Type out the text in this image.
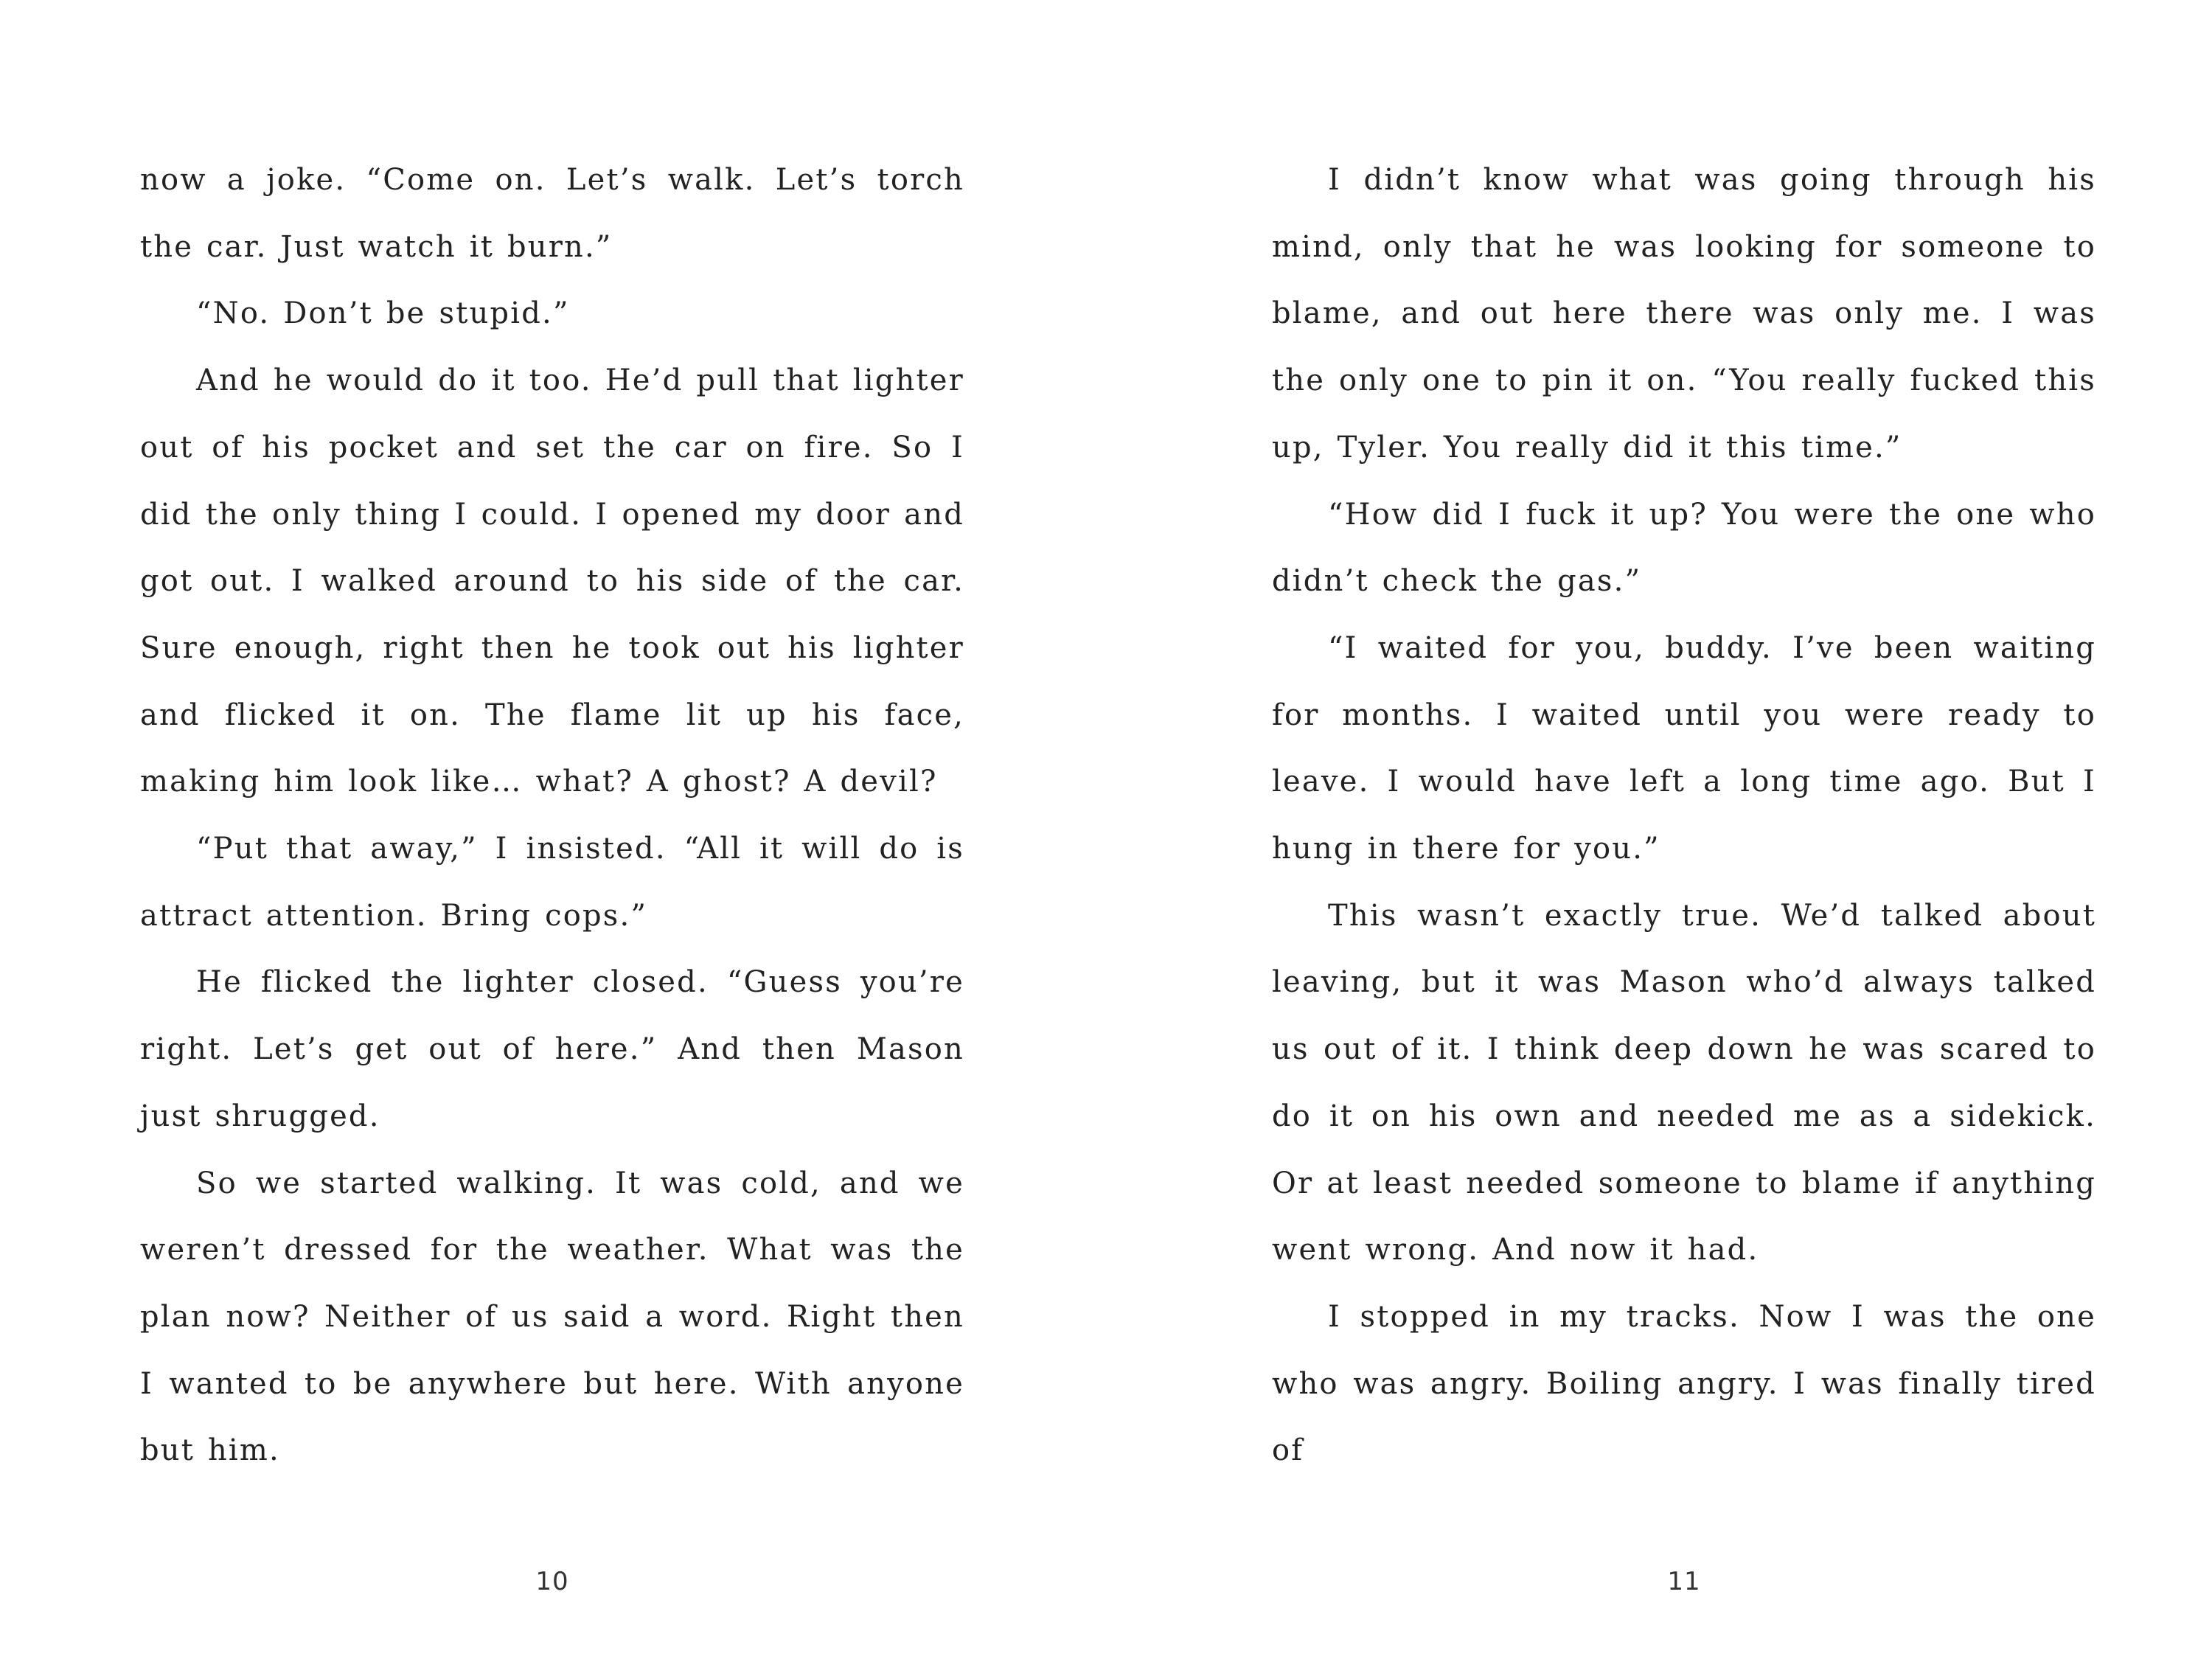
now a joke. “Come on. Let’s walk. Let’s torch the car. Just watch it burn.”

“No. Don’t be stupid.”

And he would do it too. He’d pull that lighter out of his pocket and set the car on fire. So I did the only thing I could. I opened my door and got out. I walked around to his side of the car. Sure enough, right then he took out his lighter and flicked it on. The flame lit up his face, making him look like… what? A ghost? A devil?

“Put that away,” I insisted. “All it will do is attract attention. Bring cops.”

He flicked the lighter closed. “Guess you’re right. Let’s get out of here.” And then Mason just shrugged.

So we started walking. It was cold, and we weren’t dressed for the weather. What was the plan now? Neither of us said a word. Right then I wanted to be anywhere but here. With anyone but him.

10

I didn’t know what was going through his mind, only that he was looking for someone to blame, and out here there was only me. I was the only one to pin it on. “You really fucked this up, Tyler. You really did it this time.”

“How did I fuck it up? You were the one who didn’t check the gas.”

“I waited for you, buddy. I’ve been waiting for months. I waited until you were ready to leave. I would have left a long time ago. But I hung in there for you.”

This wasn’t exactly true. We’d talked about leaving, but it was Mason who’d always talked us out of it. I think deep down he was scared to do it on his own and needed me as a sidekick. Or at least needed someone to blame if anything went wrong. And now it had.

I stopped in my tracks. Now I was the one who was angry. Boiling angry. I was finally tired of

11
